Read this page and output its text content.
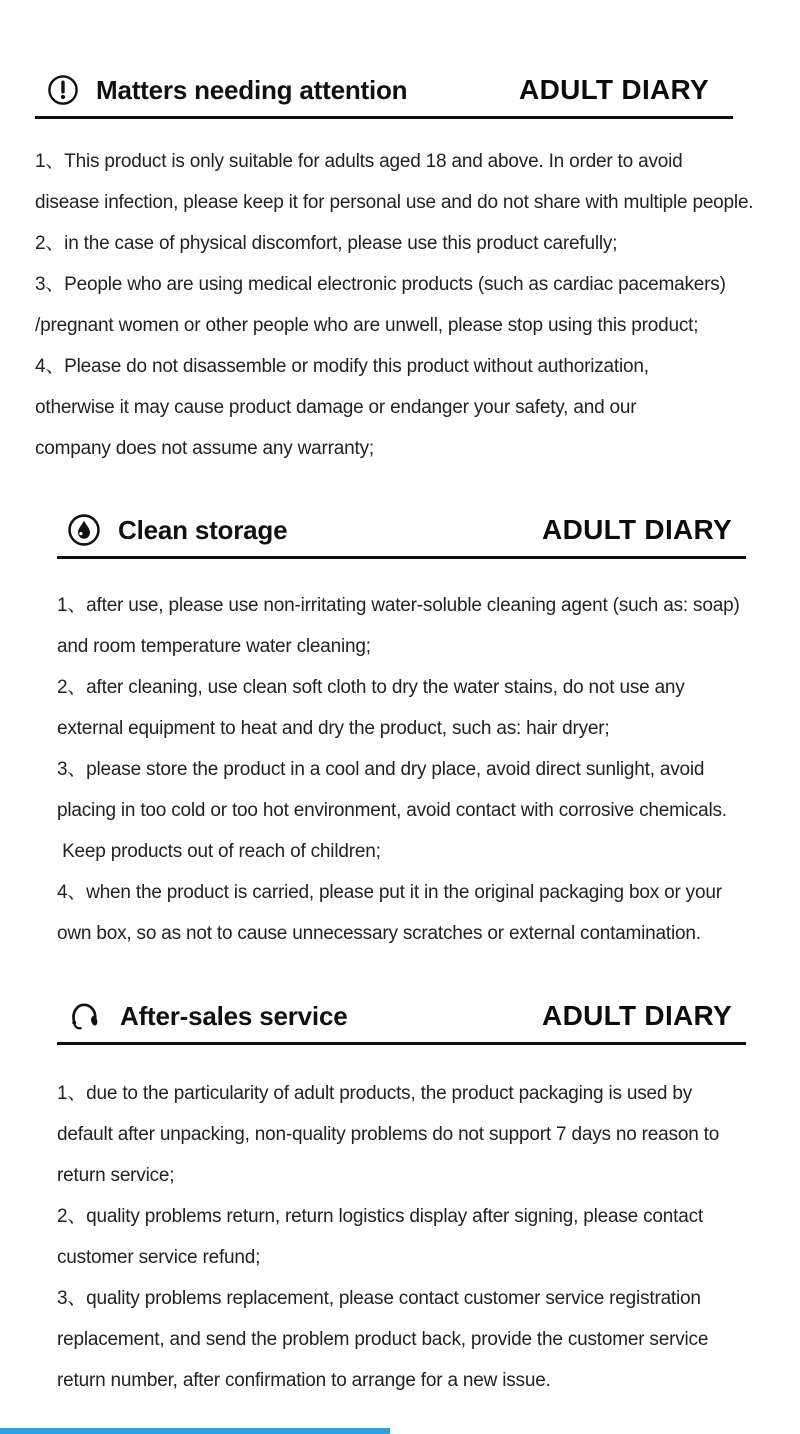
Matters needing attention	ADULT DIARY
1、This product is only suitable for adults aged 18 and above. In order to avoid
disease infection, please keep it for personal use and do not share with multiple people.
2、in the case of physical discomfort, please use this product carefully;
3、People who are using medical electronic products (such as cardiac pacemakers)
/pregnant women or other people who are unwell, please stop using this product;
4、Please do not disassemble or modify this product without authorization,
otherwise it may cause product damage or endanger your safety, and our
company does not assume any warranty;
Clean storage	ADULT DIARY
1、after use, please use non-irritating water-soluble cleaning agent (such as: soap)
and room temperature water cleaning;
2、after cleaning, use clean soft cloth to dry the water stains, do not use any
external equipment to heat and dry the product, such as: hair dryer;
3、please store the product in a cool and dry place, avoid direct sunlight, avoid
placing in too cold or too hot environment, avoid contact with corrosive chemicals.
Keep products out of reach of children;
4、when the product is carried, please put it in the original packaging box or your
own box, so as not to cause unnecessary scratches or external contamination.
After-sales service	ADULT DIARY
1、due to the particularity of adult products, the product packaging is used by
default after unpacking, non-quality problems do not support 7 days no reason to
return service;
2、quality problems return, return logistics display after signing, please contact
customer service refund;
3、quality problems replacement, please contact customer service registration
replacement, and send the problem product back, provide the customer service
return number, after confirmation to arrange for a new issue.
